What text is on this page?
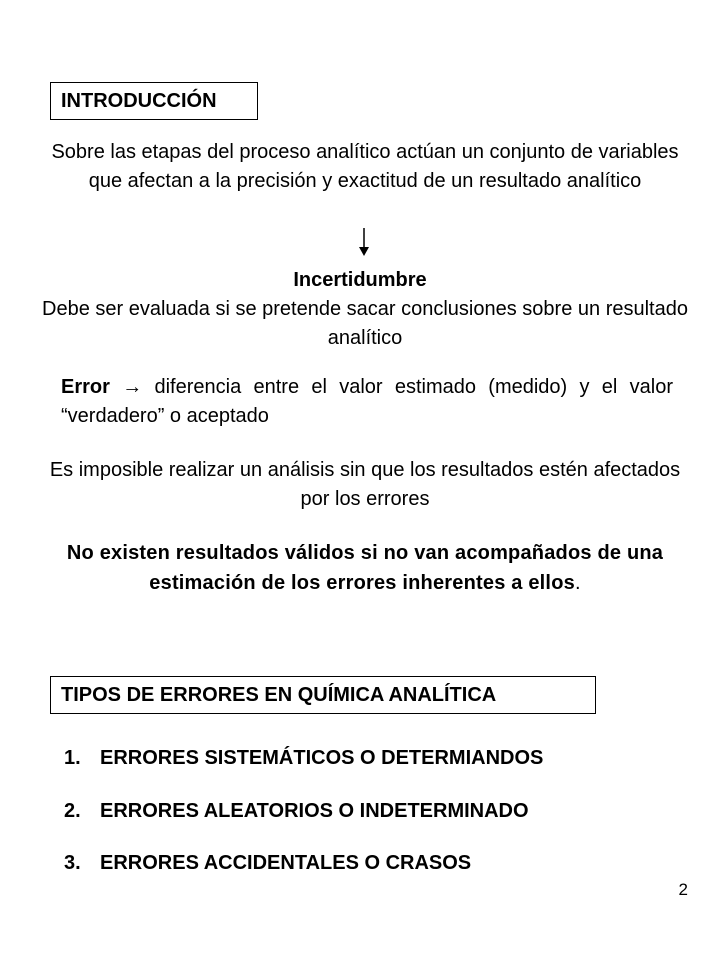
INTRODUCCIÓN
Sobre las etapas del proceso analítico actúan un conjunto de variables que afectan a la precisión y exactitud de un resultado analítico
Incertidumbre
Debe ser evaluada si se pretende sacar conclusiones sobre un resultado analítico
Error → diferencia entre el valor estimado (medido) y el valor “verdadero” o aceptado
Es imposible realizar un análisis sin que los resultados estén afectados por los errores
No existen resultados válidos si no van acompañados de una estimación de los errores inherentes a ellos.
TIPOS DE ERRORES EN QUÍMICA ANALÍTICA
1. ERRORES SISTEMÁTICOS O DETERMIANDOS
2. ERRORES ALEATORIOS O INDETERMINADO
3. ERRORES ACCIDENTALES O CRASOS
2
